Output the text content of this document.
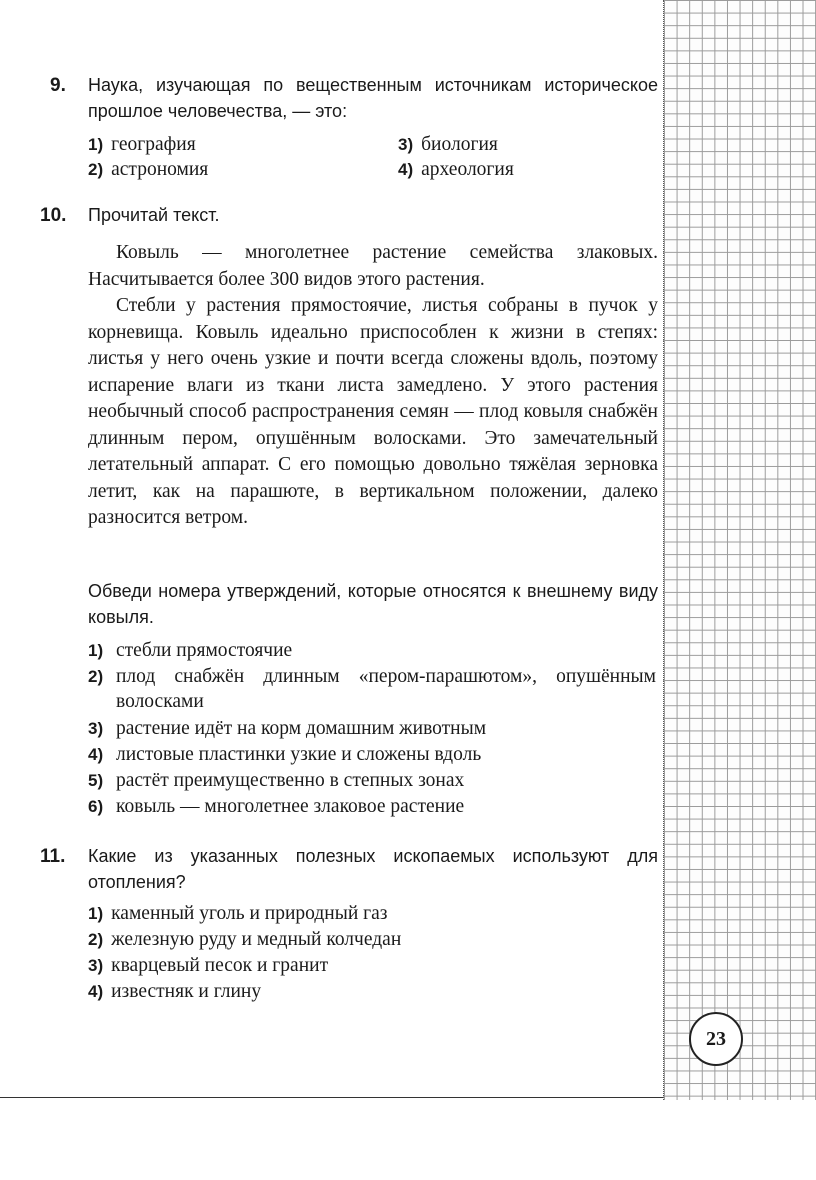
9. Наука, изучающая по вещественным источникам историческое прошлое человечества, — это:
1) география
2) астрономия
3) биология
4) археология
10. Прочитай текст.

Ковыль — многолетнее растение семейства злаковых. Насчитывается более 300 видов этого растения.

Стебли у растения прямостоячие, листья собраны в пучок у корневища. Ковыль идеально приспособлен к жизни в степях: листья у него очень узкие и почти всегда сложены вдоль, поэтому испарение влаги из ткани листа замедлено. У этого растения необычный способ распространения семян — плод ковыля снабжён длинным пером, опушённым волосками. Это замечательный летательный аппарат. С его помощью довольно тяжёлая зерновка летит, как на парашюте, в вертикальном положении, далеко разносится ветром.

Обведи номера утверждений, которые относятся к внешнему виду ковыля.
1) стебли прямостоячие
2) плод снабжён длинным «пером-парашютом», опушённым волосками
3) растение идёт на корм домашним животным
4) листовые пластинки узкие и сложены вдоль
5) растёт преимущественно в степных зонах
6) ковыль — многолетнее злаковое растение
11. Какие из указанных полезных ископаемых используют для отопления?
1) каменный уголь и природный газ
2) железную руду и медный колчедан
3) кварцевый песок и гранит
4) известняк и глину
23
